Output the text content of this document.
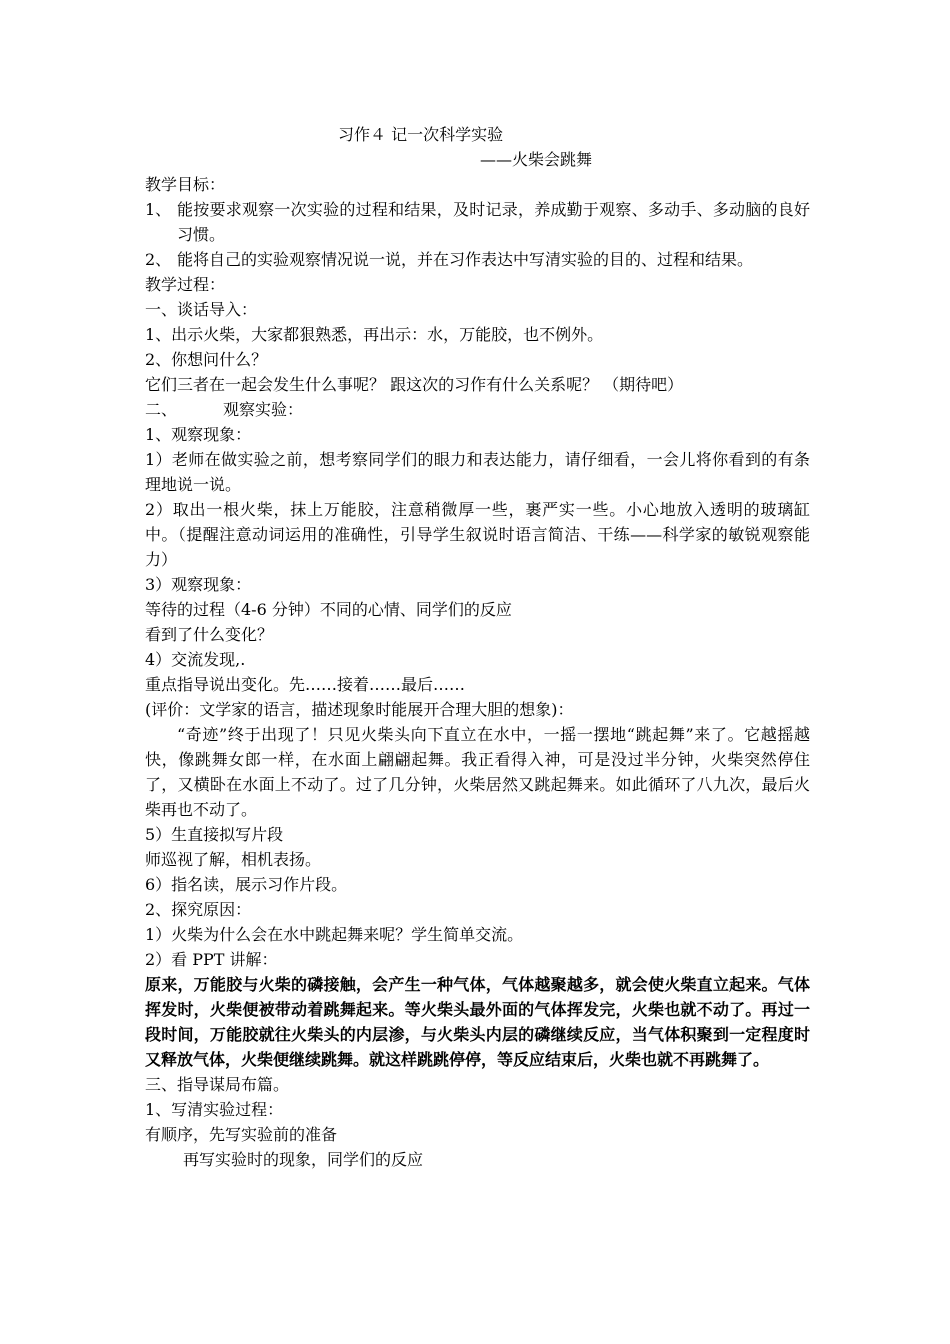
习作４ 记一次科学实验
——火柴会跳舞
教学目标：
1、 能按要求观察一次实验的过程和结果，及时记录，养成勤于观察、多动手、多动脑的良好习惯。
2、 能将自己的实验观察情况说一说，并在习作表达中写清实验的目的、过程和结果。
教学过程：
一、谈话导入：
1、出示火柴，大家都狠熟悉，再出示：水，万能胶，也不例外。
2、你想问什么？
它们三者在一起会发生什么事呢？ 跟这次的习作有什么关系呢？ （期待吧）
二、	观察实验：
1、观察现象：
1）老师在做实验之前，想考察同学们的眼力和表达能力，请仔细看，一会儿将你看到的有条理地说一说。
2）取出一根火柴，抹上万能胶，注意稍微厚一些，裹严实一些。小心地放入透明的玻璃缸中。（提醒注意动词运用的准确性，引导学生叙说时语言简洁、干练——科学家的敏锐观察能力）
3）观察现象：
等待的过程（4-6 分钟）不同的心情、同学们的反应
看到了什么变化？
4）交流发现,.
重点指导说出变化。先……接着……最后……
(评价：文学家的语言，描述现象时能展开合理大胆的想象)：
“奇迹”终于出现了！只见火柴头向下直立在水中，一摇一摆地“跳起舞”来了。它越摇越快，像跳舞女郎一样，在水面上翩翩起舞。我正看得入神，可是没过半分钟，火柴突然停住了，又横卧在水面上不动了。过了几分钟，火柴居然又跳起舞来。如此循环了八九次，最后火柴再也不动了。
5）生直接拟写片段
师巡视了解，相机表扬。
6）指名读，展示习作片段。
2、探究原因：
1）火柴为什么会在水中跳起舞来呢？学生简单交流。
2）看 PPT 讲解：
原来，万能胶与火柴的磷接触，会产生一种气体，气体越聚越多，就会使火柴直立起来。气体挥发时，火柴便被带动着跳舞起来。等火柴头最外面的气体挥发完，火柴也就不动了。再过一段时间，万能胶就往火柴头的内层渗，与火柴头内层的磷继续反应，当气体积聚到一定程度时又释放气体，火柴便继续跳舞。就这样跳跳停停，等反应结束后，火柴也就不再跳舞了。
三、指导谋局布篇。
1、写清实验过程：
有顺序，先写实验前的准备
再写实验时的现象，同学们的反应
